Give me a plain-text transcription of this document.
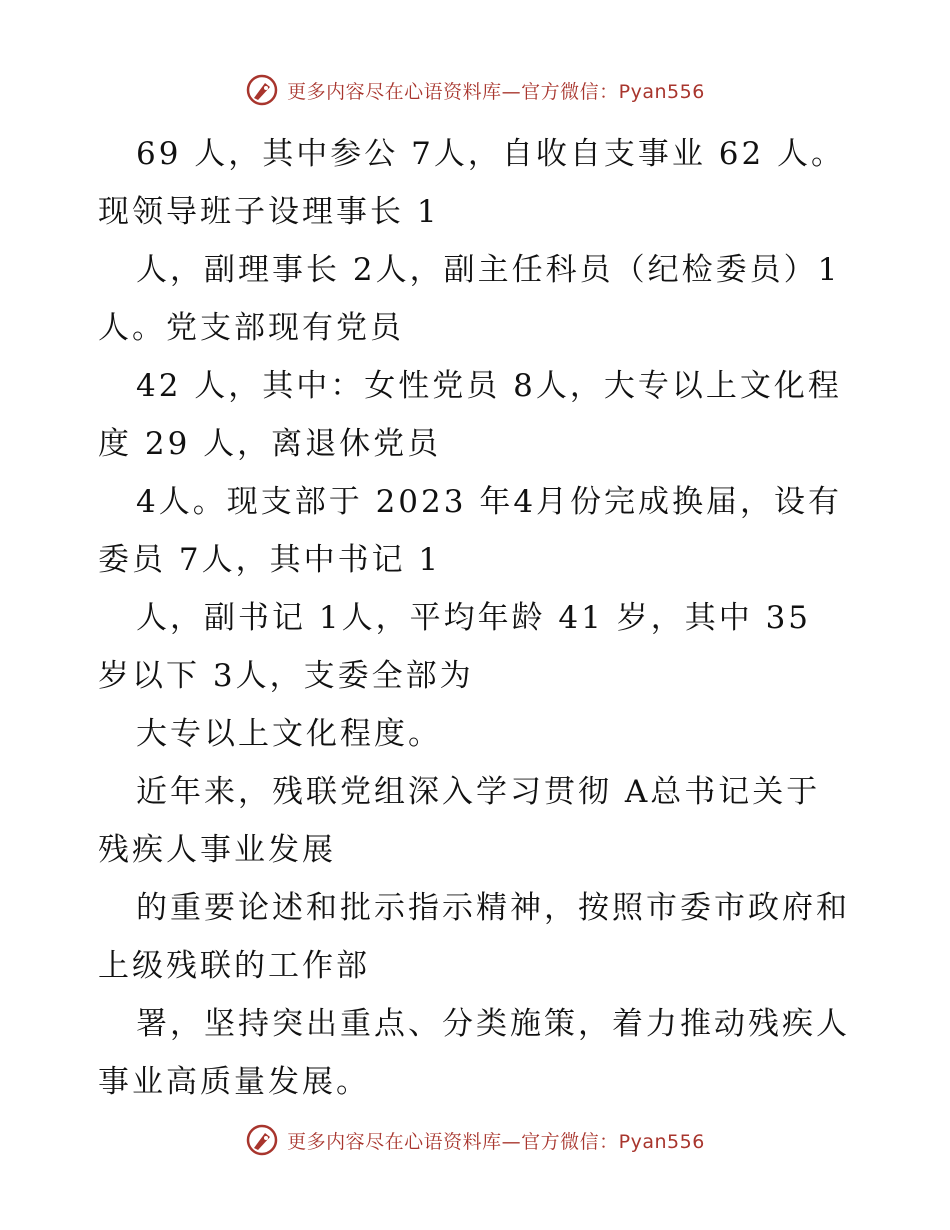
更多内容尽在心语资料库—官方微信：Pyan556
69 人，其中参公 7人，自收自支事业 62 人。
现领导班子设理事长 1
人，副理事长 2人，副主任科员（纪检委员）1
人。党支部现有党员
42 人，其中：女性党员 8人，大专以上文化程
度 29 人，离退休党员
4人。现支部于 2023 年4月份完成换届，设有
委员 7人，其中书记 1
人，副书记 1人，平均年龄 41 岁，其中 35
岁以下 3人，支委全部为
大专以上文化程度。
近年来，残联党组深入学习贯彻 A总书记关于
残疾人事业发展
的重要论述和批示指示精神，按照市委市政府和
上级残联的工作部
署，坚持突出重点、分类施策，着力推动残疾人
事业高质量发展。
更多内容尽在心语资料库—官方微信：Pyan556
